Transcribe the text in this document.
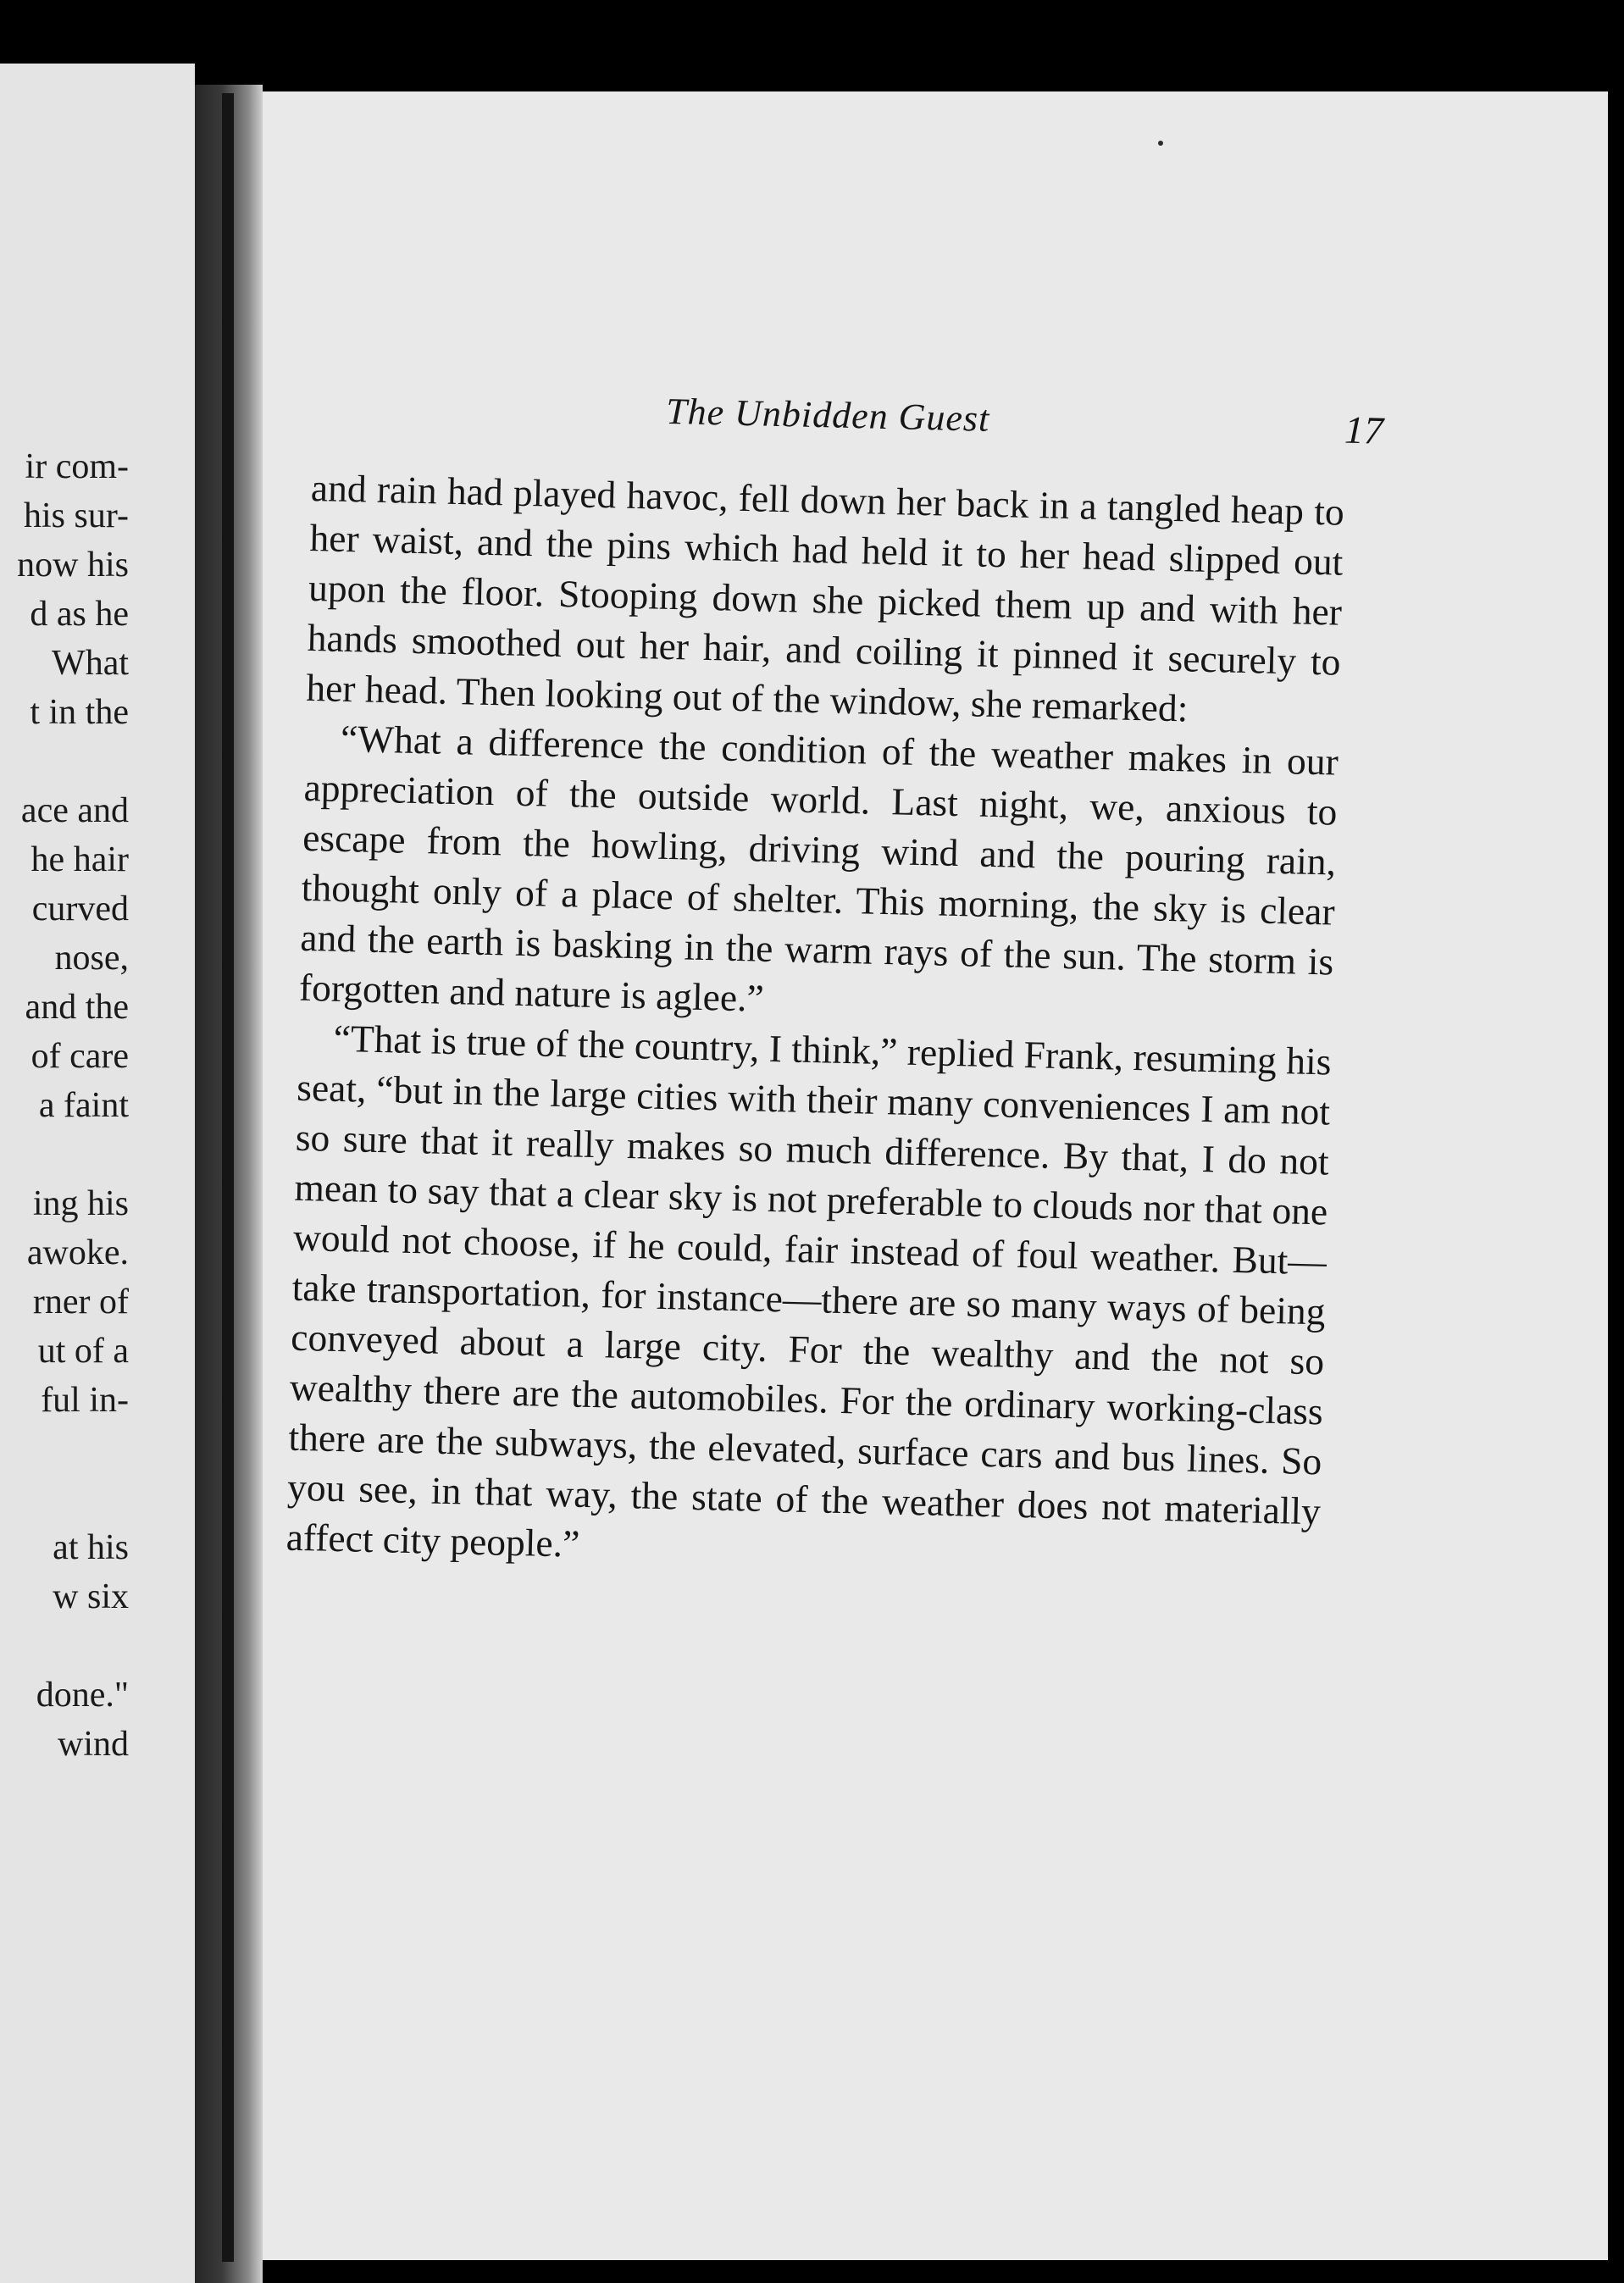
ir com-
his sur-
now his
d as he
What
t in the
ace and
he hair
curved
nose,
and the
of care
a faint
ing his
awoke.
rner of
ut of a
ful in-
at his
w six
done."
wind
The Unbidden Guest	17

and rain had played havoc, fell down her back in a tangled heap to her waist, and the pins which had held it to her head slipped out upon the floor. Stooping down she picked them up and with her hands smoothed out her hair, and coiling it pinned it securely to her head. Then looking out of the window, she remarked:

“What a difference the condition of the weather makes in our appreciation of the outside world. Last night, we, anxious to escape from the howling, driving wind and the pouring rain, thought only of a place of shelter. This morning, the sky is clear and the earth is basking in the warm rays of the sun. The storm is forgotten and nature is aglee.”

“That is true of the country, I think,” replied Frank, resuming his seat, “but in the large cities with their many conveniences I am not so sure that it really makes so much difference. By that, I do not mean to say that a clear sky is not preferable to clouds nor that one would not choose, if he could, fair instead of foul weather. But—take transportation, for instance—there are so many ways of being conveyed about a large city. For the wealthy and the not so wealthy there are the automobiles. For the ordinary working-class there are the subways, the elevated, surface cars and bus lines. So you see, in that way, the state of the weather does not materially affect city people.”
